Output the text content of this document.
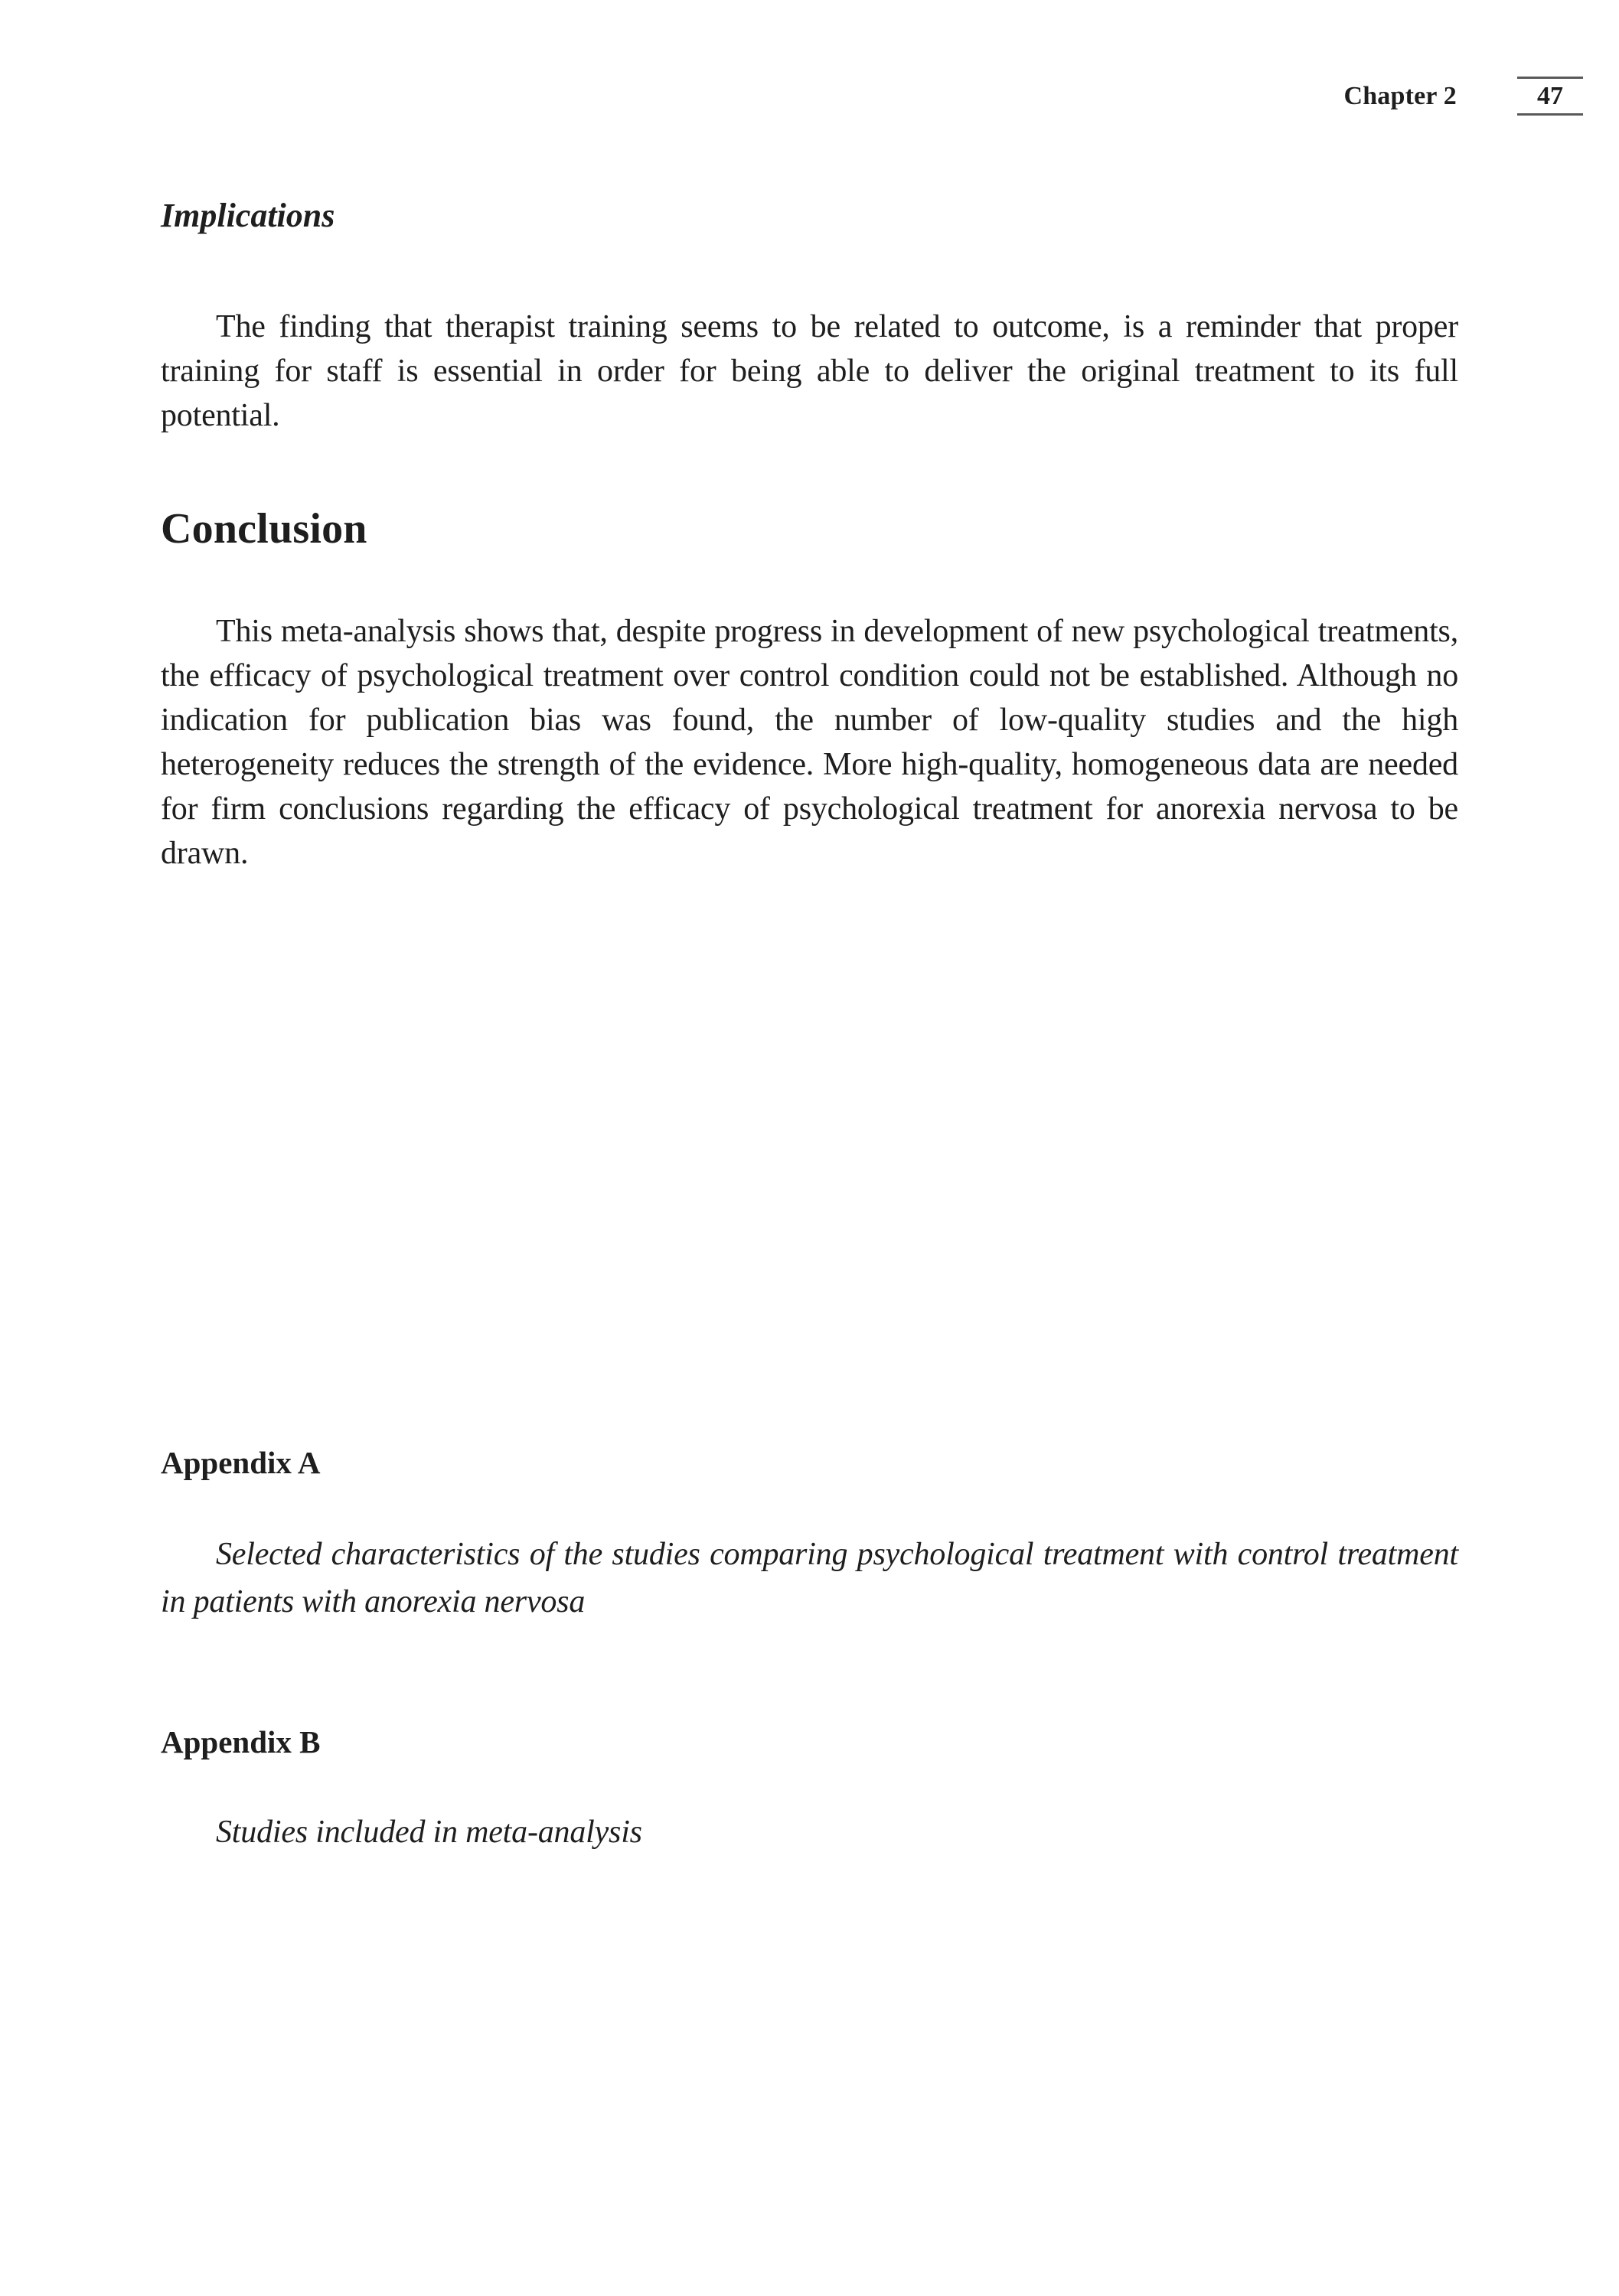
Chapter 2	47
Implications

The finding that therapist training seems to be related to outcome, is a reminder that proper training for staff is essential in order for being able to deliver the original treatment to its full potential.

Conclusion

This meta-analysis shows that, despite progress in development of new psychological treatments, the efficacy of psychological treatment over control condition could not be established. Although no indication for publication bias was found, the number of low-quality studies and the high heterogeneity reduces the strength of the evidence. More high-quality, homogeneous data are needed for firm conclusions regarding the efficacy of psychological treatment for anorexia nervosa to be drawn.

Appendix A

Selected characteristics of the studies comparing psychological treatment with control treatment in patients with anorexia nervosa

Appendix B

Studies included in meta-analysis
